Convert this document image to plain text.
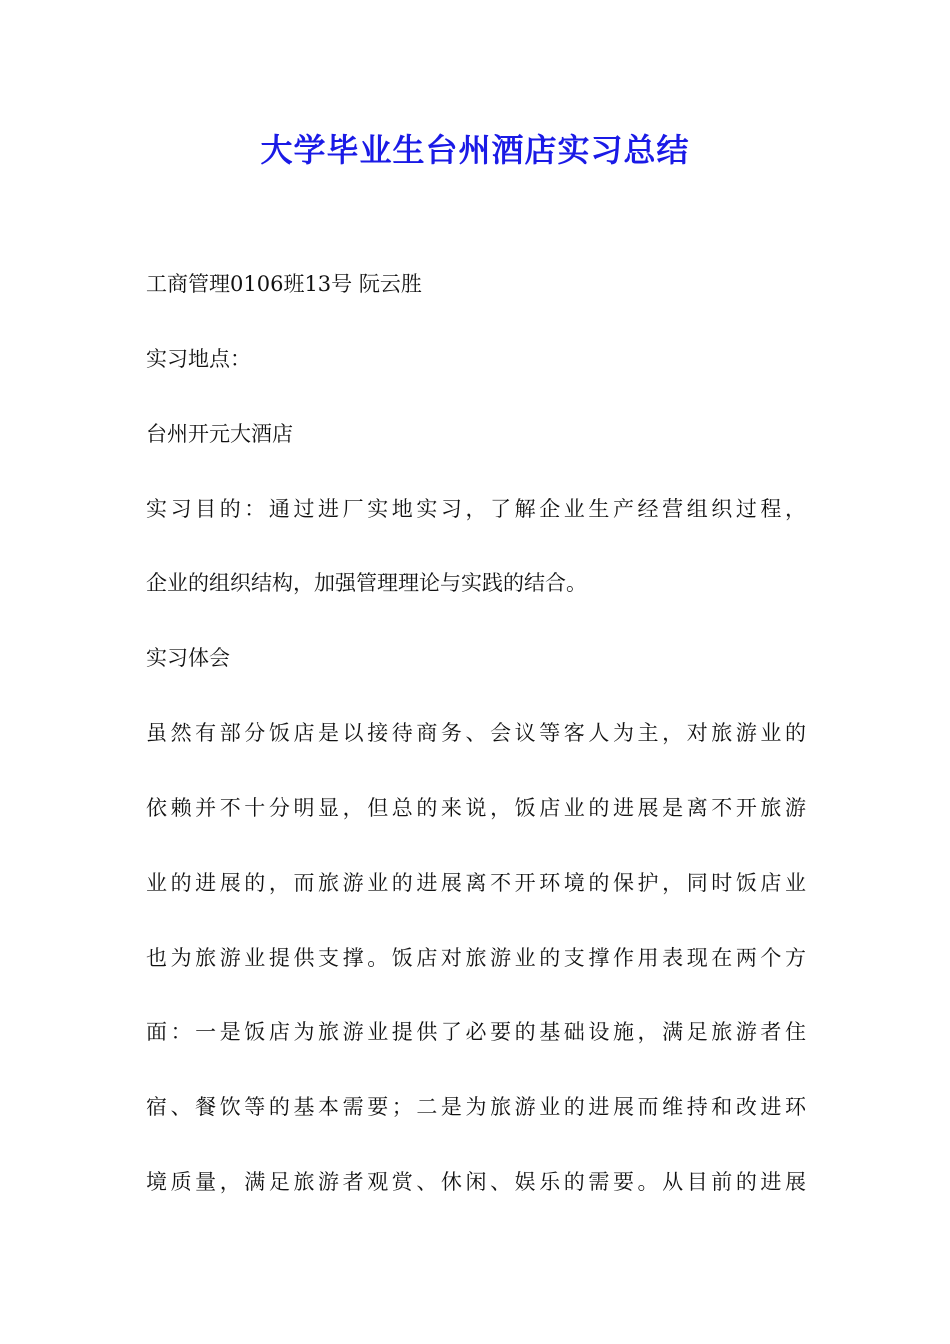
大学毕业生台州酒店实习总结
工商管理0106班13号 阮云胜
实习地点：
台州开元大酒店
实习目的：通过进厂实地实习，了解企业生产经营组织过程，
企业的组织结构，加强管理理论与实践的结合。
实习体会
虽然有部分饭店是以接待商务、会议等客人为主，对旅游业的
依赖并不十分明显，但总的来说，饭店业的进展是离不开旅游
业的进展的，而旅游业的进展离不开环境的保护，同时饭店业
也为旅游业提供支撑。饭店对旅游业的支撑作用表现在两个方
面：一是饭店为旅游业提供了必要的基础设施，满足旅游者住
宿、餐饮等的基本需要；二是为旅游业的进展而维持和改进环
境质量，满足旅游者观赏、休闲、娱乐的需要。从目前的进展
